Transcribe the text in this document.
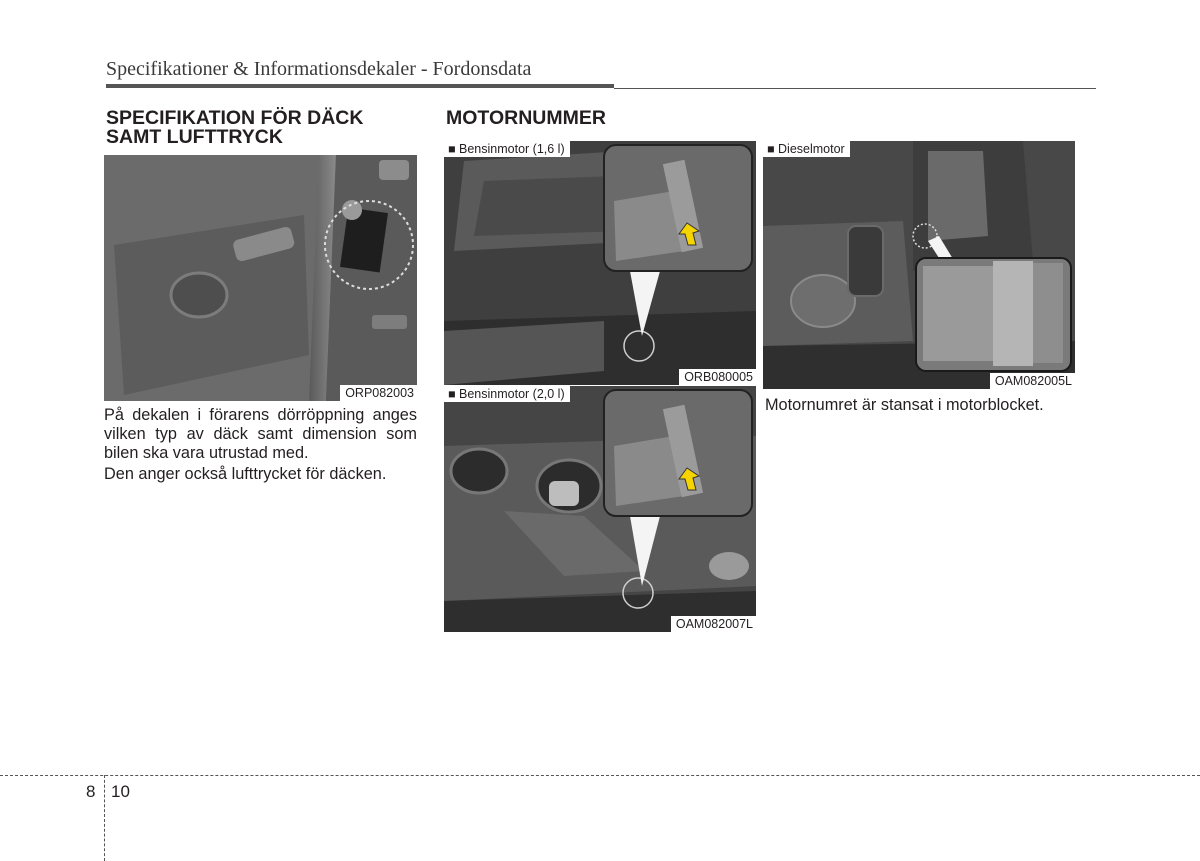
Specifikationer & Informationsdekaler - Fordonsdata
SPECIFIKATION FÖR DÄCK
SAMT LUFTTRYCK
ORP082003
På dekalen i förarens dörröppning anges vilken typ av däck samt dimension som bilen ska vara utrustad med.
Den anger också lufttrycket för däcken.
MOTORNUMMER
■ Bensinmotor (1,6 l)
ORB080005
■ Bensinmotor (2,0 l)
OAM082007L
■ Dieselmotor
OAM082005L
Motornumret är stansat i motorblocket.
8 10
